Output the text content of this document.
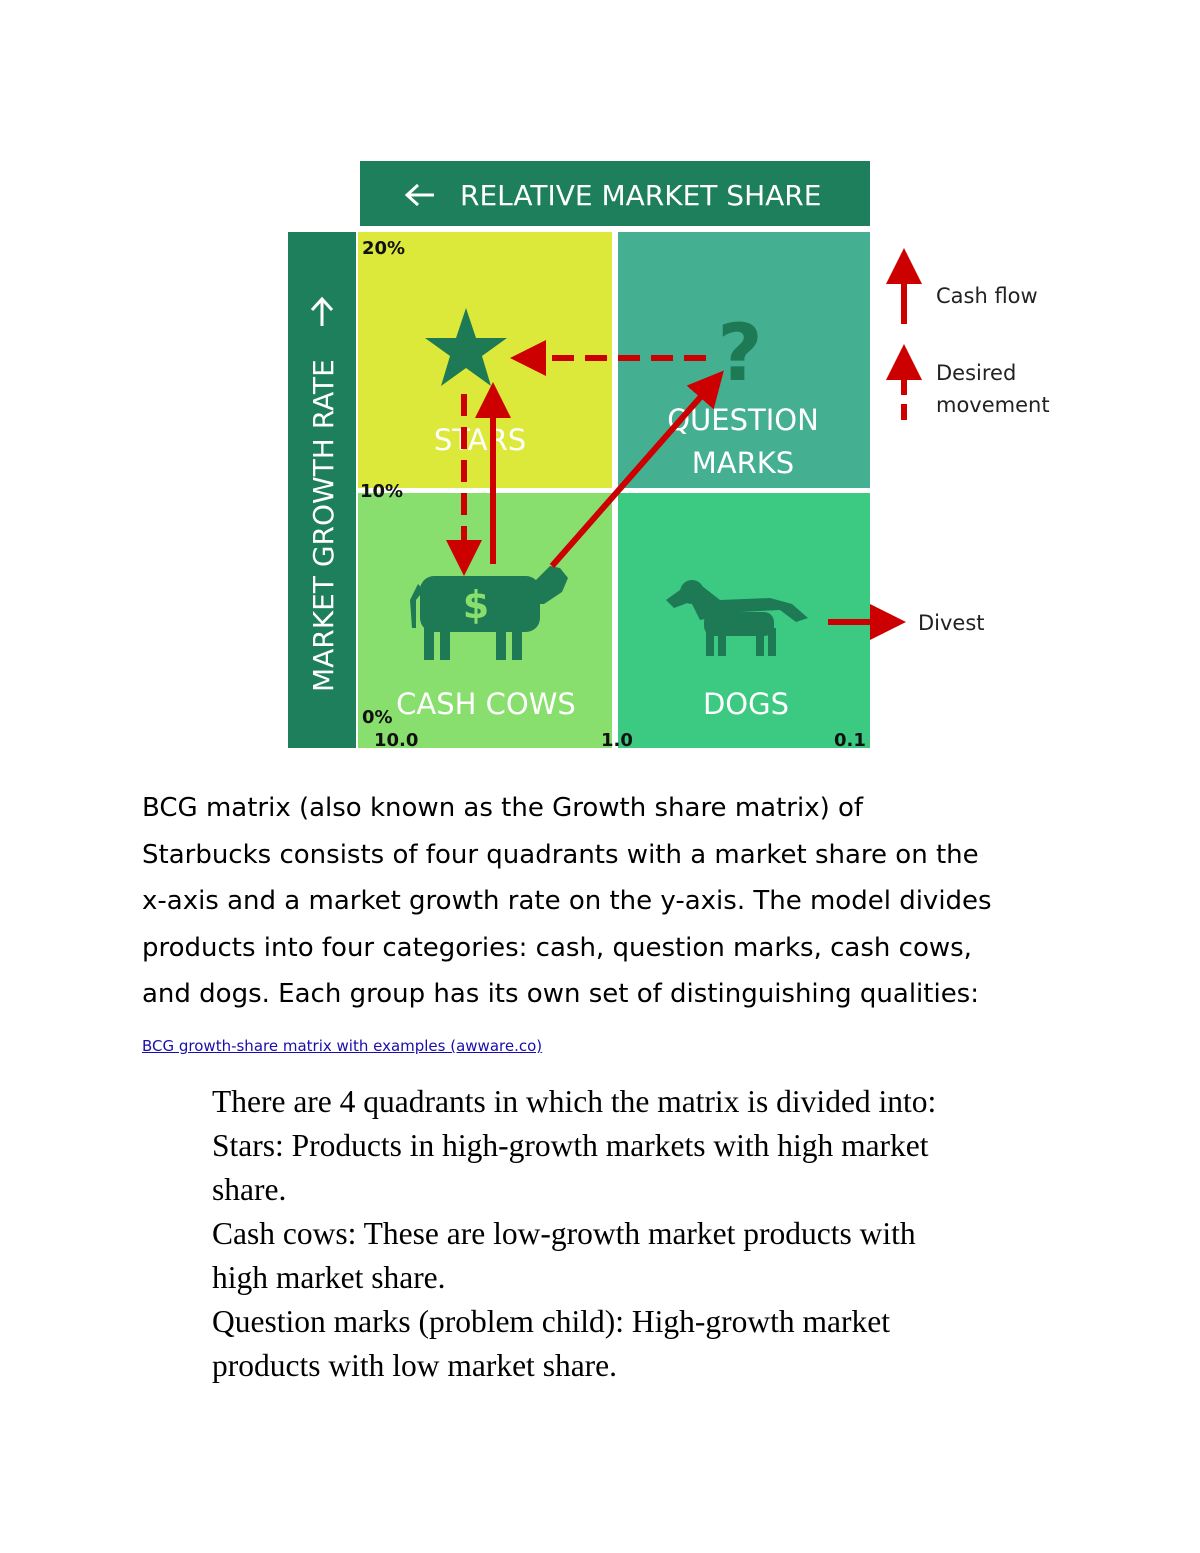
RELATIVE MARKET SHARE
MARKET GROWTH RATE
20%
10%
0%
10.0	1.0	0.1
?
$
STARS
QUESTION
MARKS
CASH COWS	DOGS
Cash flow
Desired
movement
Divest
BCG matrix (also known as the Growth share matrix) of
Starbucks consists of four quadrants with a market share on the
x-axis and a market growth rate on the y-axis. The model divides
products into four categories: cash, question marks, cash cows,
and dogs. Each group has its own set of distinguishing qualities:
BCG growth-share matrix with examples (awware.co)
There are 4 quadrants in which the matrix is divided into:
Stars: Products in high-growth markets with high market
share.
Cash cows: These are low-growth market products with
high market share.
Question marks (problem child): High-growth market
products with low market share.
